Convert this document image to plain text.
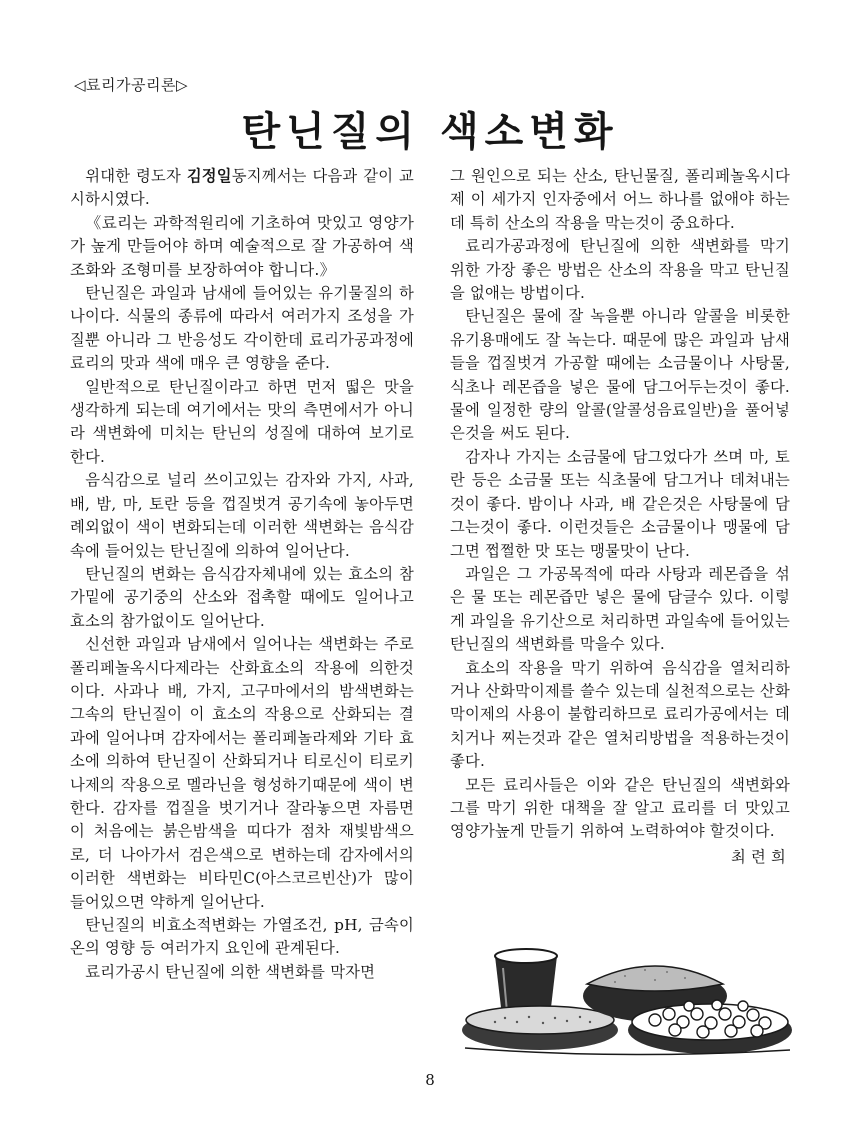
◁료리가공리론▷
탄닌질의 색소변화

위대한 령도자 김정일동지께서는 다음과 같이 교시하시였다.

《료리는 과학적원리에 기초하여 맛있고 영양가가 높게 만들어야 하며 예술적으로 잘 가공하여 색조화와 조형미를 보장하여야 합니다.》

탄닌질은 과일과 남새에 들어있는 유기물질의 하나이다. 식물의 종류에 따라서 여러가지 조성을 가질뿐 아니라 그 반응성도 각이한데 료리가공과정에 료리의 맛과 색에 매우 큰 영향을 준다.

일반적으로 탄닌질이라고 하면 먼저 떫은 맛을 생각하게 되는데 여기에서는 맛의 측면에서가 아니라 색변화에 미치는 탄닌의 성질에 대하여 보기로 한다.

음식감으로 널리 쓰이고있는 감자와 가지, 사과, 배, 밤, 마, 토란 등을 껍질벗겨 공기속에 놓아두면 례외없이 색이 변화되는데 이러한 색변화는 음식감속에 들어있는 탄닌질에 의하여 일어난다.

탄닌질의 변화는 음식감자체내에 있는 효소의 참가밑에 공기중의 산소와 접촉할 때에도 일어나고 효소의 참가없이도 일어난다.

신선한 과일과 남새에서 일어나는 색변화는 주로 폴리페놀옥시다제라는 산화효소의 작용에 의한것이다. 사과나 배, 가지, 고구마에서의 밤색변화는 그속의 탄닌질이 이 효소의 작용으로 산화되는 결과에 일어나며 감자에서는 폴리페놀라제와 기타 효소에 의하여 탄닌질이 산화되거나 티로신이 티로키나제의 작용으로 멜라닌을 형성하기때문에 색이 변한다. 감자를 껍질을 벗기거나 잘라놓으면 자름면이 처음에는 붉은밤색을 띠다가 점차 재빛밤색으로, 더 나아가서 검은색으로 변하는데 감자에서의 이러한 색변화는 비타민C(아스코르빈산)가 많이 들어있으면 약하게 일어난다.

탄닌질의 비효소적변화는 가열조건, pH, 금속이온의 영향 등 여러가지 요인에 관계된다.

료리가공시 탄닌질에 의한 색변화를 막자면

그 원인으로 되는 산소, 탄닌물질, 폴리페놀옥시다제 이 세가지 인자중에서 어느 하나를 없애야 하는데 특히 산소의 작용을 막는것이 중요하다.

료리가공과정에 탄닌질에 의한 색변화를 막기 위한 가장 좋은 방법은 산소의 작용을 막고 탄닌질을 없애는 방법이다.

탄닌질은 물에 잘 녹을뿐 아니라 알콜을 비롯한 유기용매에도 잘 녹는다. 때문에 많은 과일과 남새들을 껍질벗겨 가공할 때에는 소금물이나 사탕물, 식초나 레몬즙을 넣은 물에 담그어두는것이 좋다. 물에 일정한 량의 알콜(알콜성음료일반)을 풀어넣은것을 써도 된다.

감자나 가지는 소금물에 담그었다가 쓰며 마, 토란 등은 소금물 또는 식초물에 담그거나 데쳐내는것이 좋다. 밤이나 사과, 배 같은것은 사탕물에 담그는것이 좋다. 이런것들은 소금물이나 맹물에 담그면 쩝쩔한 맛 또는 맹물맛이 난다.

과일은 그 가공목적에 따라 사탕과 레몬즙을 섞은 물 또는 레몬즙만 넣은 물에 담글수 있다. 이렇게 과일을 유기산으로 처리하면 과일속에 들어있는 탄닌질의 색변화를 막을수 있다.

효소의 작용을 막기 위하여 음식감을 열처리하거나 산화막이제를 쓸수 있는데 실천적으로는 산화막이제의 사용이 불합리하므로 료리가공에서는 데치거나 찌는것과 같은 열처리방법을 적용하는것이 좋다.

모든 료리사들은 이와 같은 탄닌질의 색변화와 그를 막기 위한 대책을 잘 알고 료리를 더 맛있고 영양가높게 만들기 위하여 노력하여야 할것이다.

최 련 희

8
